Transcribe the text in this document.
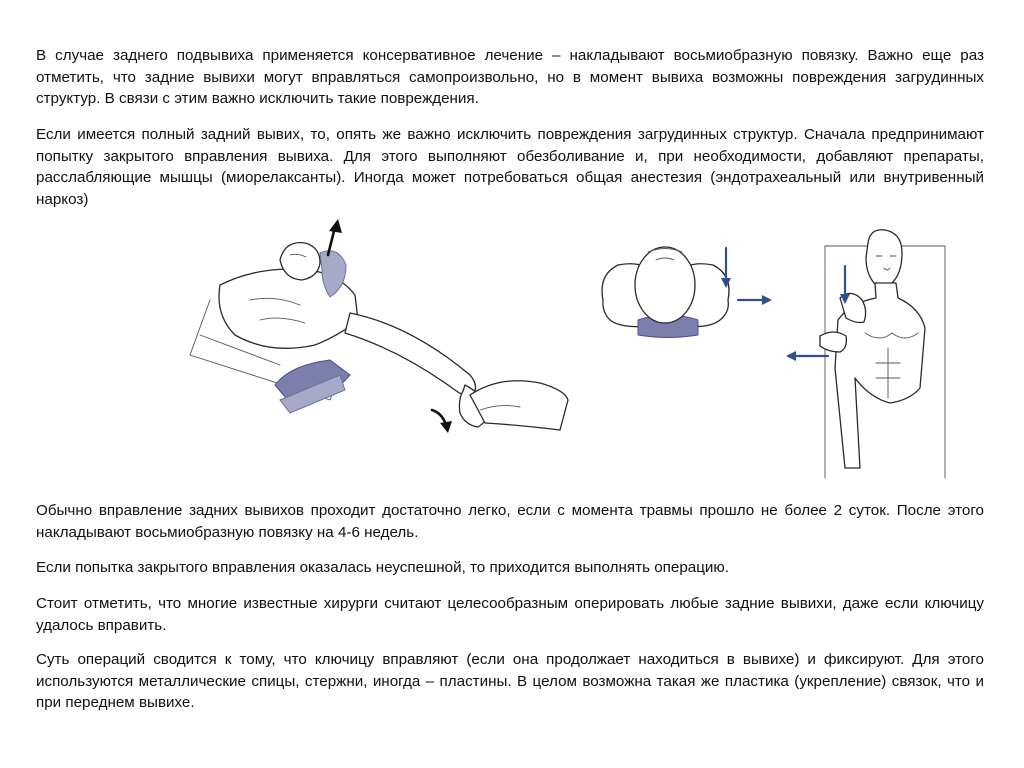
В случае заднего подвывиха применяется консервативное лечение – накладывают восьмиобразную повязку. Важно еще раз отметить, что задние вывихи могут вправляться самопроизвольно, но в момент вывиха возможны повреждения загрудинных структур. В связи с этим важно исключить такие повреждения.

Если имеется полный задний вывих, то, опять же важно исключить повреждения загрудинных структур. Сначала предпринимают попытку закрытого вправления вывиха. Для этого выполняют обезболивание и, при необходимости, добавляют препараты, расслабляющие мышцы (миорелаксанты). Иногда может потребоваться общая анестезия (эндотрахеальный или внутривенный наркоз)

Обычно вправление задних вывихов проходит достаточно легко, если с момента травмы прошло не более 2 суток. После этого накладывают восьмиобразную повязку на 4-6 недель.

Если попытка закрытого вправления оказалась неуспешной, то приходится выполнять операцию.

Стоит отметить, что многие известные хирурги считают целесообразным оперировать любые задние вывихи, даже если ключицу удалось вправить.

Суть операций сводится к тому, что ключицу вправляют (если она продолжает находиться в вывихе) и фиксируют. Для этого используются металлические спицы, стержни, иногда – пластины. В целом возможна такая же пластика (укрепление) связок, что и при переднем вывихе.
